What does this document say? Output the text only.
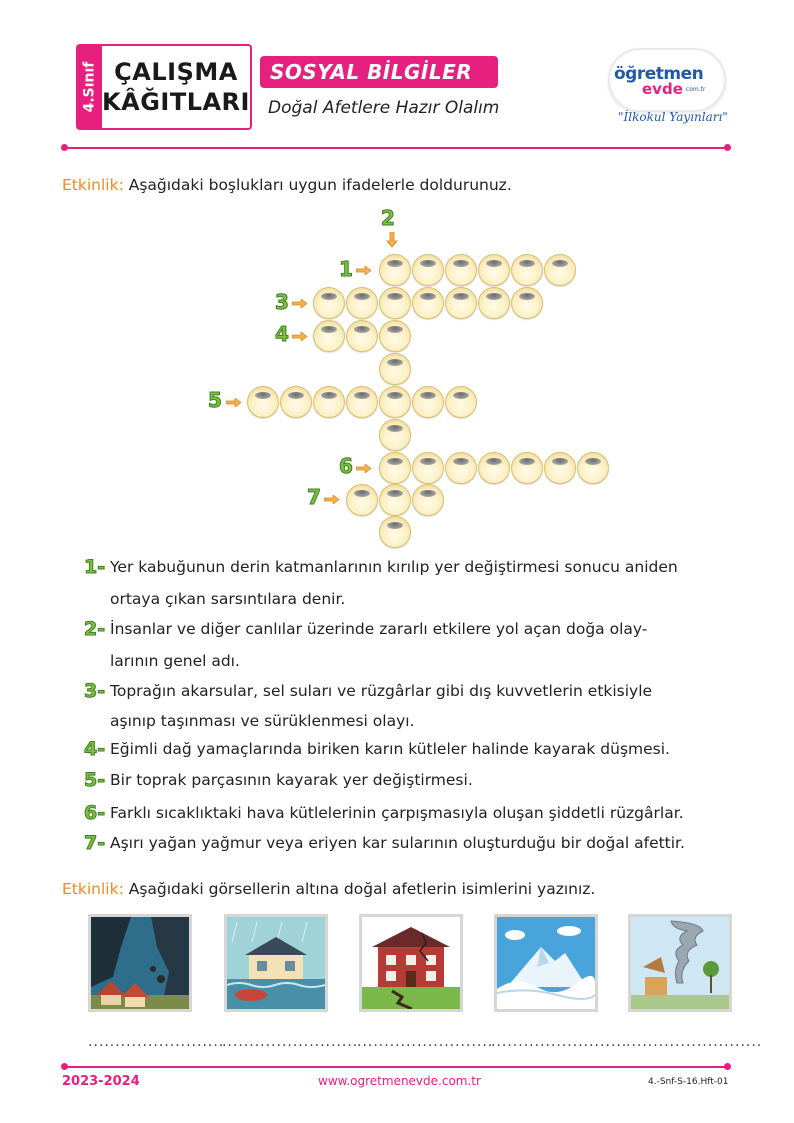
4.Sınıf ÇALIŞMA
KÂĞITLARI
SOSYAL BİLGİLER
Doğal Afetlere Hazır Olalım
öğretmen
evde .com.tr
"İlkokul Yayınları"
Etkinlik: Aşağıdaki boşlukları uygun ifadelerle doldurunuz.
2
1
3
4
5
6
7
1- Yer kabuğunun derin katmanlarının kırılıp yer değiştirmesi sonucu aniden
ortaya çıkan sarsıntılara denir.
2- İnsanlar ve diğer canlılar üzerinde zararlı etkilere yol açan doğa olay-
larının genel adı.
3- Toprağın akarsular, sel suları ve rüzgârlar gibi dış kuvvetlerin etkisiyle
aşınıp taşınması ve sürüklenmesi olayı.
4- Eğimli dağ yamaçlarında biriken karın kütleler halinde kayarak düşmesi.
5- Bir toprak parçasının kayarak yer değiştirmesi.
6- Farklı sıcaklıktaki hava kütlelerinin çarpışmasıyla oluşan şiddetli rüzgârlar.
7- Aşırı yağan yağmur veya eriyen kar sularının oluşturduğu bir doğal afettir.
Etkinlik: Aşağıdaki görsellerin altına doğal afetlerin isimlerini yazınız.
.........................
.........................
.........................
.........................
.........................
2023-2024	www.ogretmenevde.com.tr	4.-Snf-S-16.Hft-01
